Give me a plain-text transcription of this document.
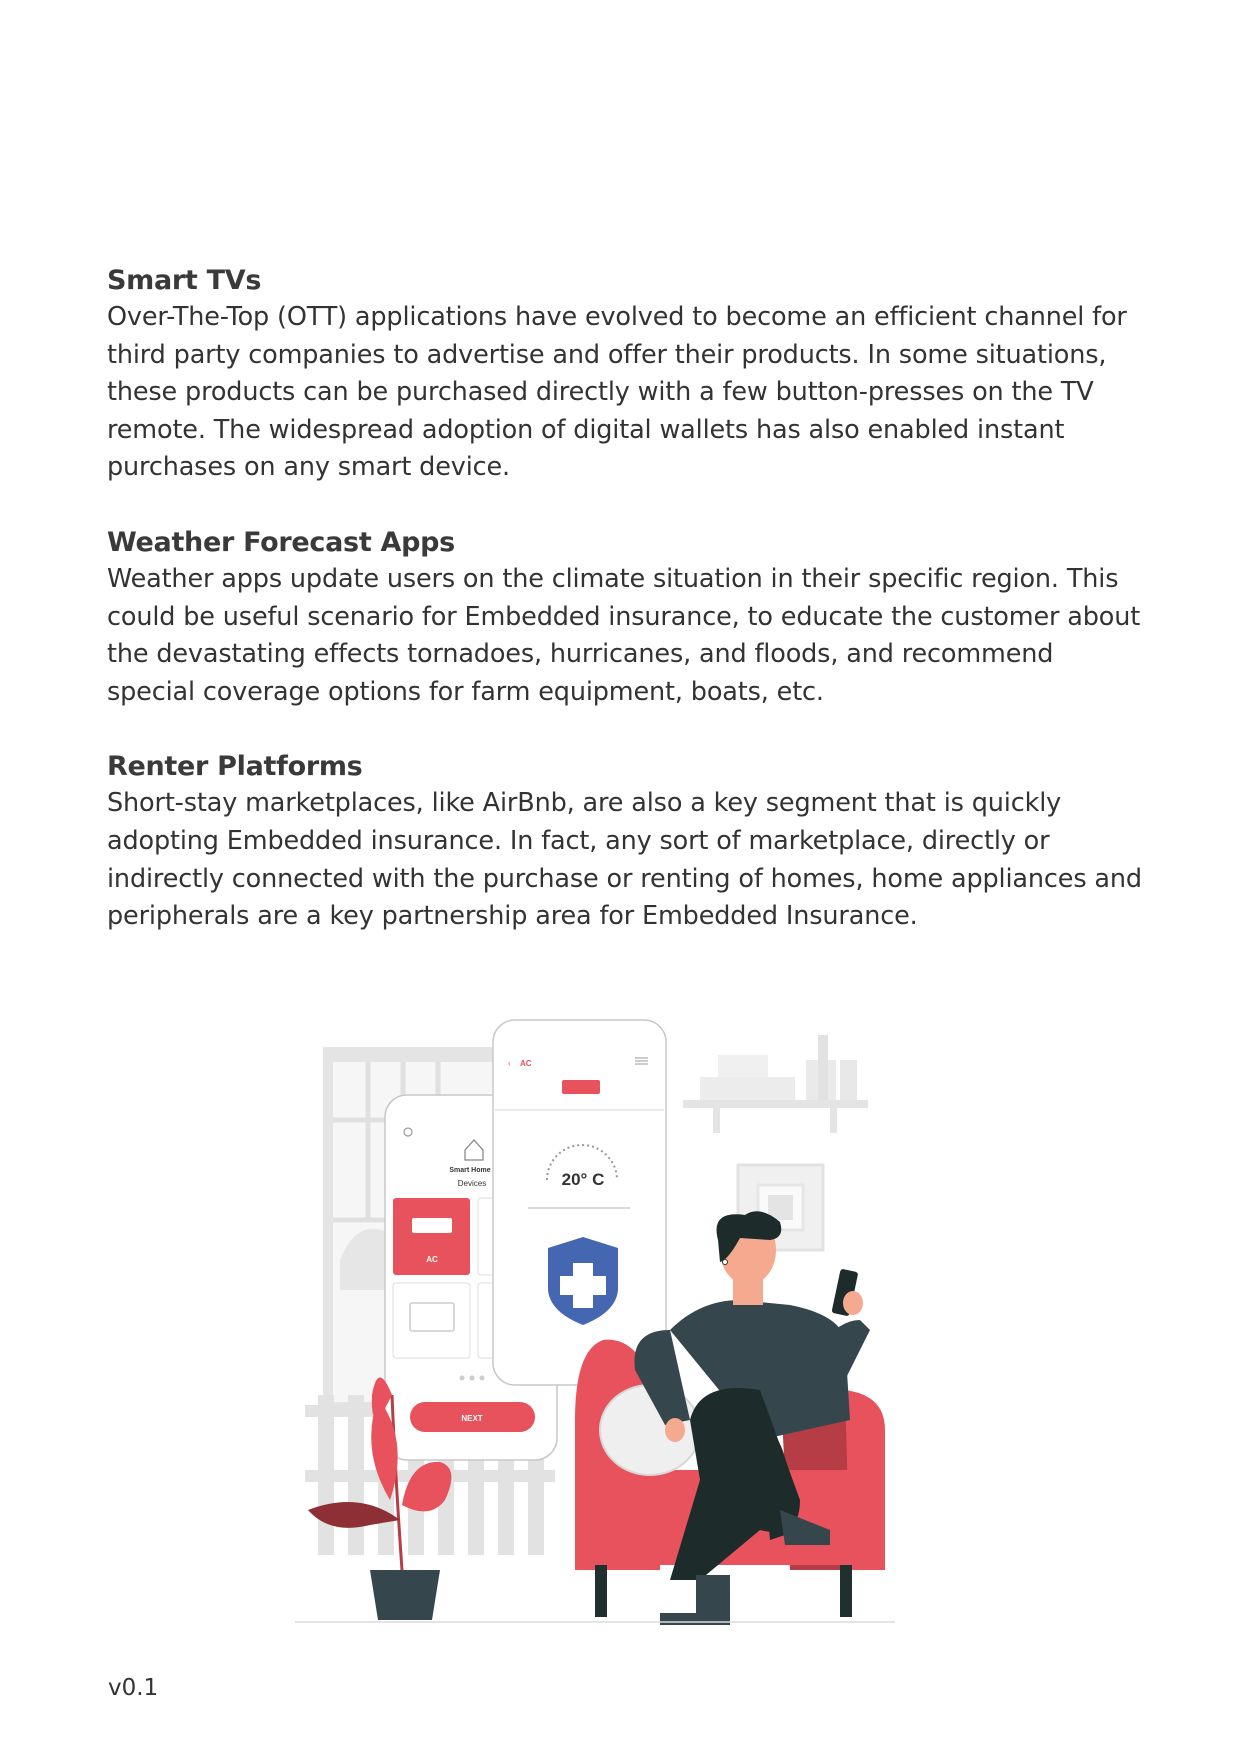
Smart TVs

Over-The-Top (OTT) applications have evolved to become an efficient channel for third party companies to advertise and offer their products. In some situations, these products can be purchased directly with a few button-presses on the TV remote. The widespread adoption of digital wallets has also enabled instant purchases on any smart device.

Weather Forecast Apps

Weather apps update users on the climate situation in their specific region. This could be useful scenario for Embedded insurance, to educate the customer about the devastating effects tornadoes, hurricanes, and floods, and recommend special coverage options for farm equipment, boats, etc.

Renter Platforms

Short-stay marketplaces, like AirBnb, are also a key segment that is quickly adopting Embedded insurance. In fact, any sort of marketplace, directly or indirectly connected with the purchase or renting of homes, home appliances and peripherals are a key partnership area for Embedded Insurance.

Smart Home
Devices
AC
NEXT
‹ AC
20° C
v0.1
